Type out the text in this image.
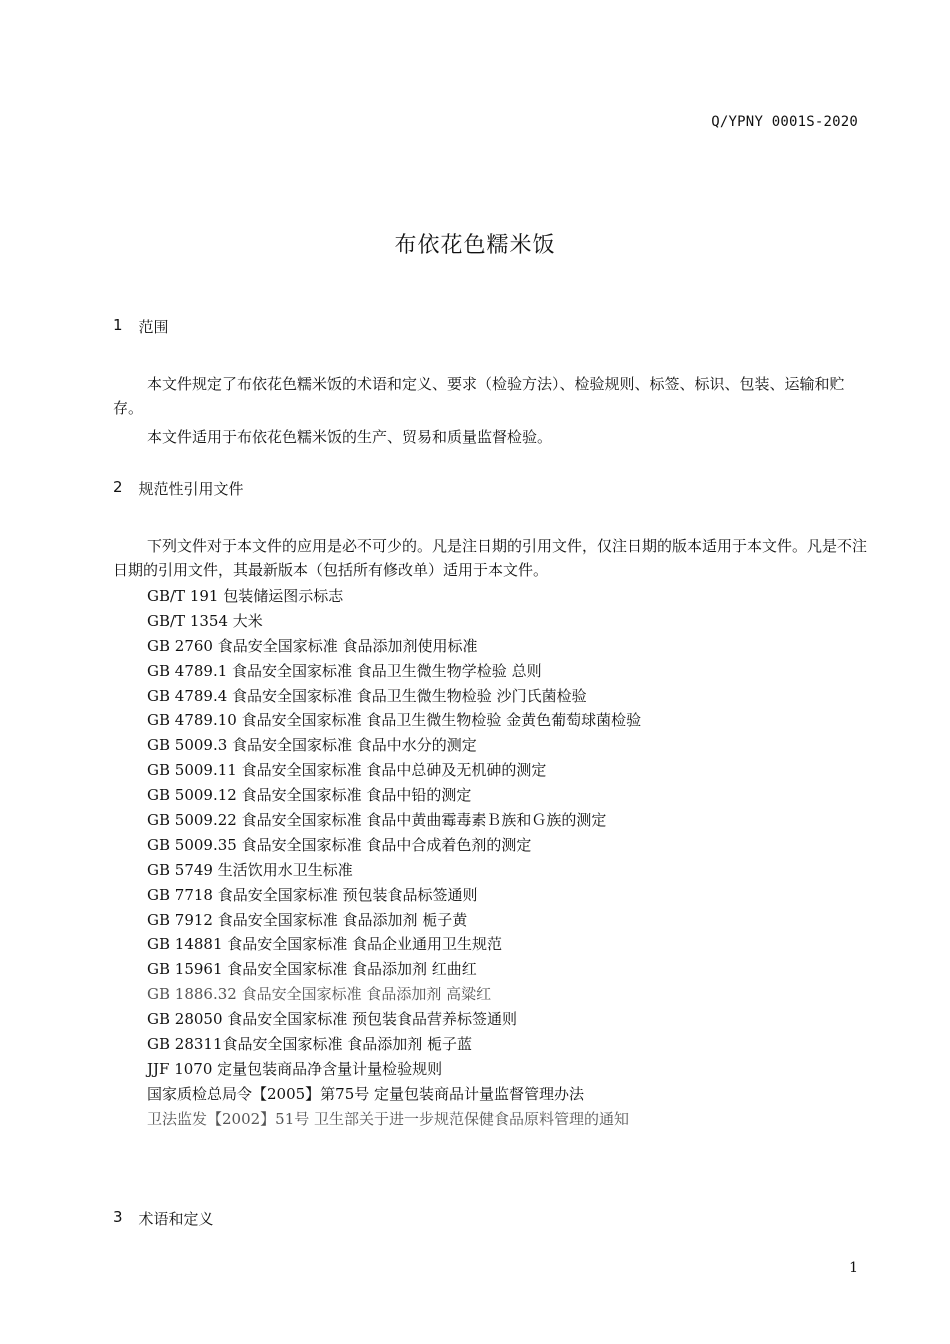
Q/YPNY 0001S-2020
布依花色糯米饭
1 范围

本文件规定了布依花色糯米饭的术语和定义、要求（检验方法）、检验规则、标签、标识、包装、运输和贮存。

本文件适用于布依花色糯米饭的生产、贸易和质量监督检验。

2 规范性引用文件

下列文件对于本文件的应用是必不可少的。凡是注日期的引用文件，仅注日期的版本适用于本文件。凡是不注日期的引用文件，其最新版本（包括所有修改单）适用于本文件。

GB/T 191 包装储运图示标志
GB/T 1354 大米
GB 2760 食品安全国家标准 食品添加剂使用标准
GB 4789.1 食品安全国家标准 食品卫生微生物学检验 总则
GB 4789.4 食品安全国家标准 食品卫生微生物检验 沙门氏菌检验
GB 4789.10 食品安全国家标准 食品卫生微生物检验 金黄色葡萄球菌检验
GB 5009.3 食品安全国家标准 食品中水分的测定
GB 5009.11 食品安全国家标准 食品中总砷及无机砷的测定
GB 5009.12 食品安全国家标准 食品中铅的测定
GB 5009.22 食品安全国家标准 食品中黄曲霉毒素Ｂ族和Ｇ族的测定
GB 5009.35 食品安全国家标准 食品中合成着色剂的测定
GB 5749 生活饮用水卫生标准
GB 7718 食品安全国家标准 预包装食品标签通则
GB 7912 食品安全国家标准 食品添加剂 栀子黄
GB 14881 食品安全国家标准 食品企业通用卫生规范
GB 15961 食品安全国家标准 食品添加剂 红曲红
GB 1886.32 食品安全国家标准 食品添加剂 高粱红
GB 28050 食品安全国家标准 预包装食品营养标签通则
GB 28311食品安全国家标准 食品添加剂 栀子蓝
JJF 1070 定量包装商品净含量计量检验规则
国家质检总局令【2005】第75号 定量包装商品计量监督管理办法
卫法监发【2002】51号 卫生部关于进一步规范保健食品原料管理的通知
3 术语和定义
1
